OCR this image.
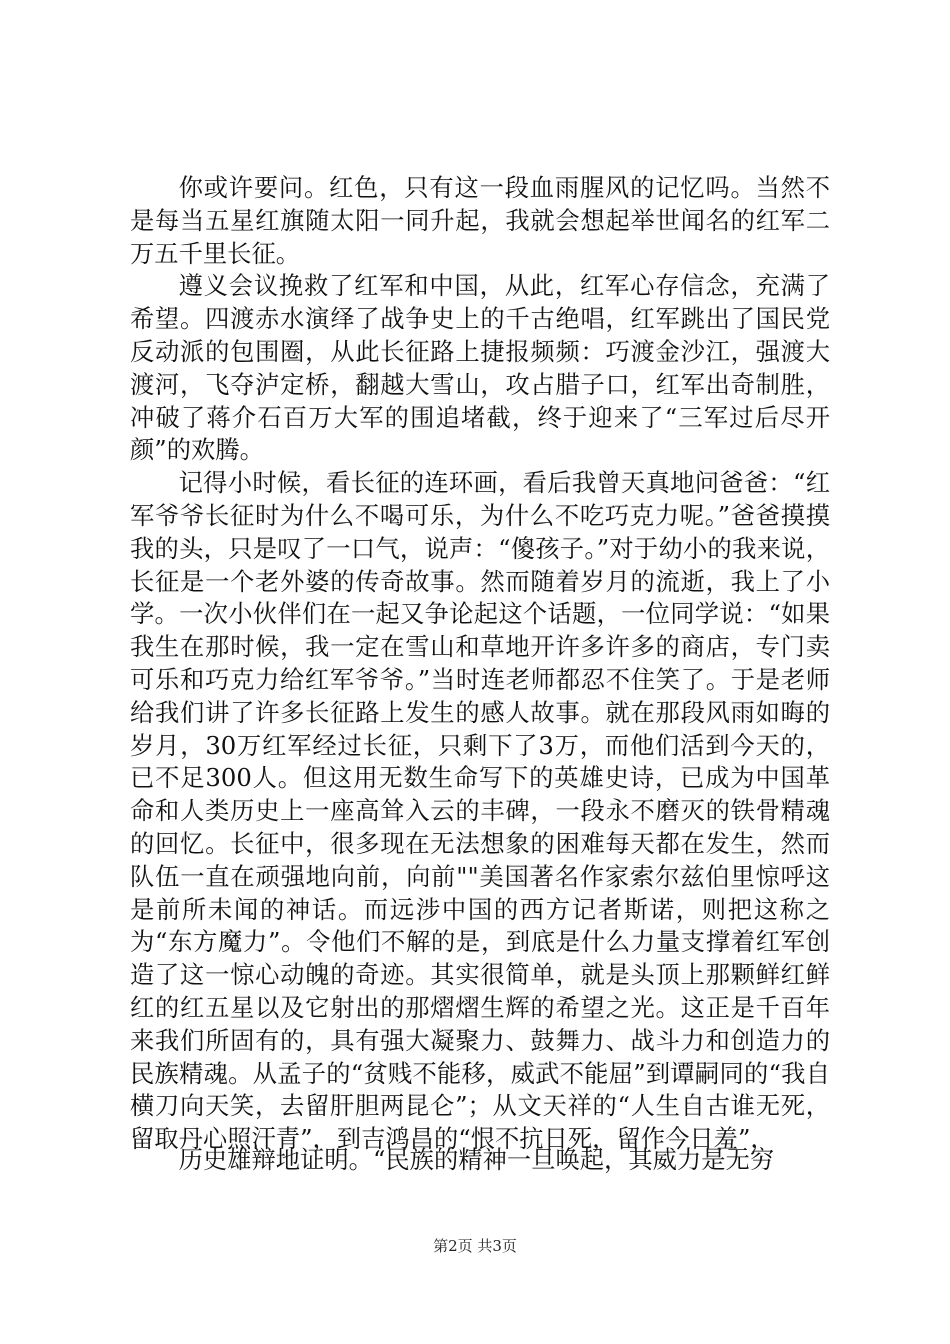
你或许要问。红色，只有这一段血雨腥风的记忆吗。当然不是每当五星红旗随太阳一同升起，我就会想起举世闻名的红军二万五千里长征。

遵义会议挽救了红军和中国，从此，红军心存信念，充满了希望。四渡赤水演绎了战争史上的千古绝唱，红军跳出了国民党反动派的包围圈，从此长征路上捷报频频：巧渡金沙江，强渡大渡河，飞夺泸定桥，翻越大雪山，攻占腊子口，红军出奇制胜，冲破了蒋介石百万大军的围追堵截，终于迎来了“三军过后尽开颜”的欢腾。

记得小时候，看长征的连环画，看后我曾天真地问爸爸：“红军爷爷长征时为什么不喝可乐，为什么不吃巧克力呢。”爸爸摸摸我的头，只是叹了一口气，说声：“傻孩子。”对于幼小的我来说，长征是一个老外婆的传奇故事。然而随着岁月的流逝，我上了小学。一次小伙伴们在一起又争论起这个话题，一位同学说：“如果我生在那时候，我一定在雪山和草地开许多许多的商店，专门卖可乐和巧克力给红军爷爷。”当时连老师都忍不住笑了。于是老师给我们讲了许多长征路上发生的感人故事。就在那段风雨如晦的岁月，30万红军经过长征，只剩下了3万，而他们活到今天的，已不足300人。但这用无数生命写下的英雄史诗，已成为中国革命和人类历史上一座高耸入云的丰碑，一段永不磨灭的铁骨精魂的回忆。长征中，很多现在无法想象的困难每天都在发生，然而队伍一直在顽强地向前，向前""美国著名作家索尔兹伯里惊呼这是前所未闻的神话。而远涉中国的西方记者斯诺，则把这称之为“东方魔力”。令他们不解的是，到底是什么力量支撑着红军创造了这一惊心动魄的奇迹。其实很简单，就是头顶上那颗鲜红鲜红的红五星以及它射出的那熠熠生辉的希望之光。这正是千百年来我们所固有的，具有强大凝聚力、鼓舞力、战斗力和创造力的民族精魂。从孟子的“贫贱不能移，威武不能屈”到谭嗣同的“我自横刀向天笑，去留肝胆两昆仑”；从文天祥的“人生自古谁无死，留取丹心照汗青”，到吉鸿昌的“恨不抗日死，留作今日羞”，

历史雄辩地证明。“民族的精神一旦唤起，其威力是无穷

第2页 共3页
